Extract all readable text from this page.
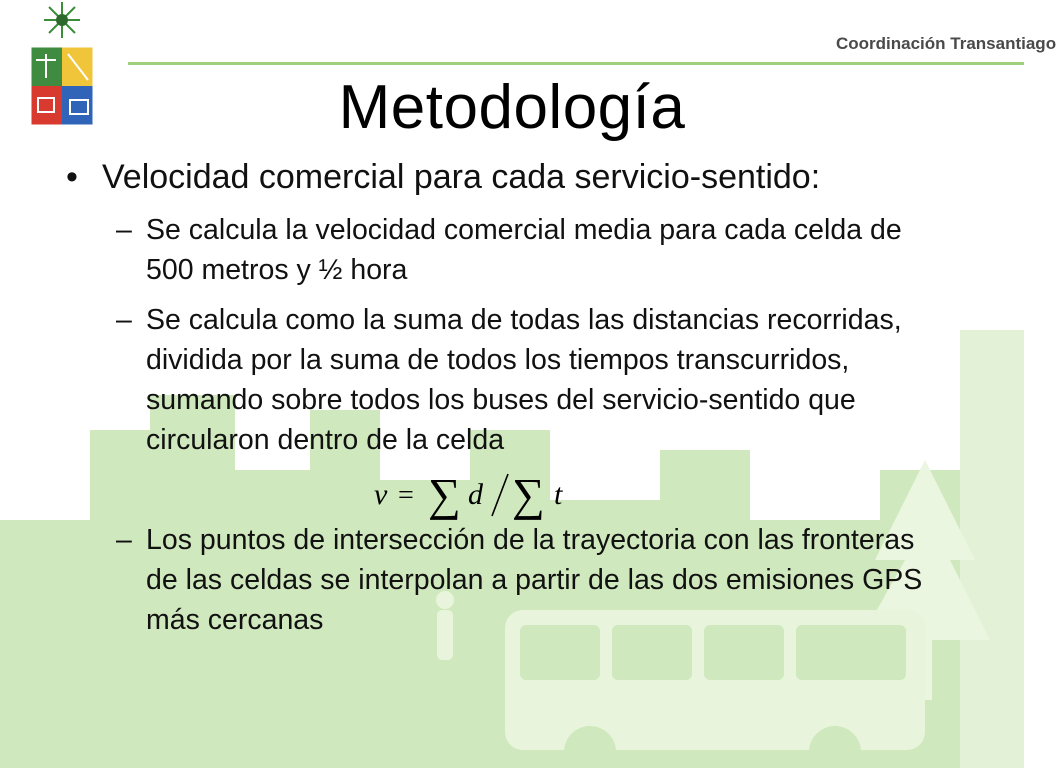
Coordinación Transantiago
Metodología
• Velocidad comercial para cada servicio-sentido:
– Se calcula la velocidad comercial media para cada celda de 500 metros y ½ hora
– Se calcula como la suma de todas las distancias recorridas, dividida por la suma de todos los tiempos transcurridos, sumando sobre todos los buses del servicio-sentido que circularon dentro de la celda
v = ∑ d ∑ t
– Los puntos de intersección de la trayectoria con las fronteras de las celdas se interpolan a partir de las dos emisiones GPS más cercanas
